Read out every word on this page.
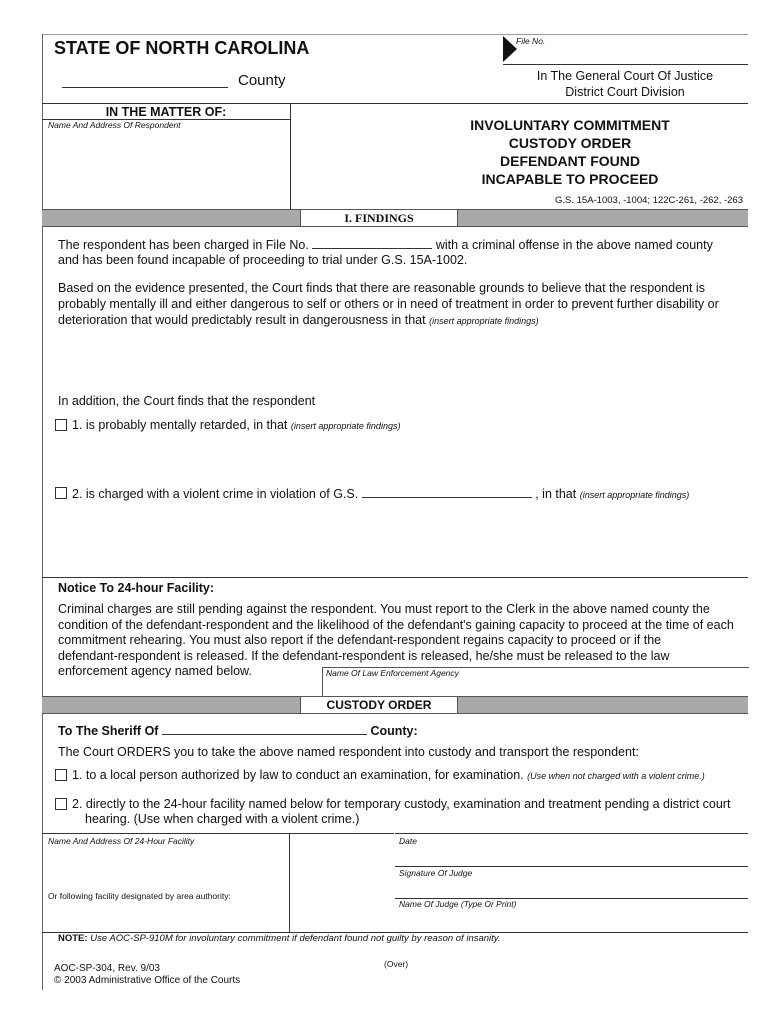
STATE OF NORTH CAROLINA	File No.
County	In The General Court Of Justice
District Court Division
IN THE MATTER OF:
Name And Address Of Respondent	INVOLUNTARY COMMITMENT
CUSTODY ORDER
DEFENDANT FOUND
INCAPABLE TO PROCEED
G.S. 15A-1003, -1004; 122C-261, -262, -263
I. FINDINGS
The respondent has been charged in File No.	with a criminal offense in the above named county
and has been found incapable of proceeding to trial under G.S. 15A-1002.
Based on the evidence presented, the Court finds that there are reasonable grounds to believe that the respondent is
probably mentally ill and either dangerous to self or others or in need of treatment in order to prevent further disability or
deterioration that would predictably result in dangerousness in that (insert appropriate findings)
In addition, the Court finds that the respondent
1. is probably mentally retarded, in that (insert appropriate findings)
2. is charged with a violent crime in violation of G.S.	, in that (insert appropriate findings)
Notice To 24-hour Facility:
Criminal charges are still pending against the respondent. You must report to the Clerk in the above named county the
condition of the defendant-respondent and the likelihood of the defendant's gaining capacity to proceed at the time of each
commitment rehearing. You must also report if the defendant-respondent regains capacity to proceed or if the
defendant-respondent is released. If the defendant-respondent is released, he/she must be released to the law
enforcement agency named below.	Name Of Law Enforcement Agency
CUSTODY ORDER
To The Sheriff Of	County:
The Court ORDERS you to take the above named respondent into custody and transport the respondent:
1. to a local person authorized by law to conduct an examination, for examination. (Use when not charged with a violent crime.)
2. directly to the 24-hour facility named below for temporary custody, examination and treatment pending a district court
hearing. (Use when charged with a violent crime.)
Name And Address Of 24-Hour Facility
Or following facility designated by area authority:
Date
Signature Of Judge
Name Of Judge (Type Or Print)
NOTE: Use AOC-SP-910M for involuntary commitment if defendant found not guilty by reason of insanity.
(Over)
AOC-SP-304, Rev. 9/03
© 2003 Administrative Office of the Courts
